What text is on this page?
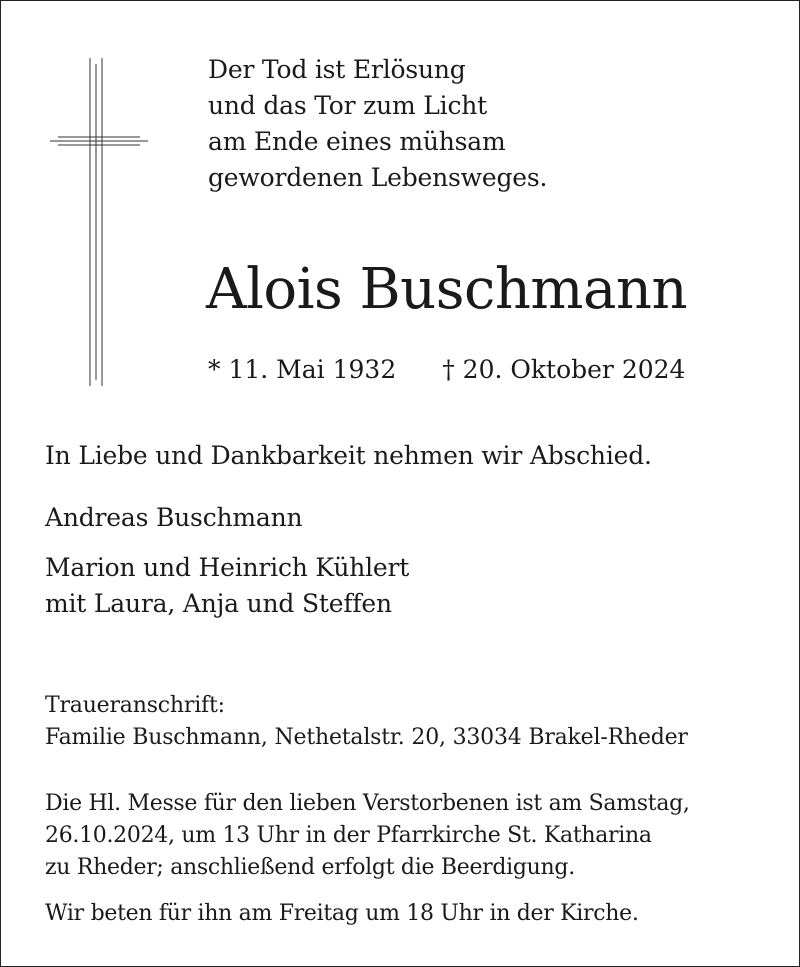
Der Tod ist Erlösung
und das Tor zum Licht
am Ende eines mühsam
gewordenen Lebensweges.
Alois Buschmann
* 11. Mai 1932 † 20. Oktober 2024
In Liebe und Dankbarkeit nehmen wir Abschied.
Andreas Buschmann
Marion und Heinrich Kühlert
mit Laura, Anja und Steffen
Traueranschrift:
Familie Buschmann, Nethetalstr. 20, 33034 Brakel-Rheder
Die Hl. Messe für den lieben Verstorbenen ist am Samstag,
26.10.2024, um 13 Uhr in der Pfarrkirche St. Katharina
zu Rheder; anschließend erfolgt die Beerdigung.
Wir beten für ihn am Freitag um 18 Uhr in der Kirche.
